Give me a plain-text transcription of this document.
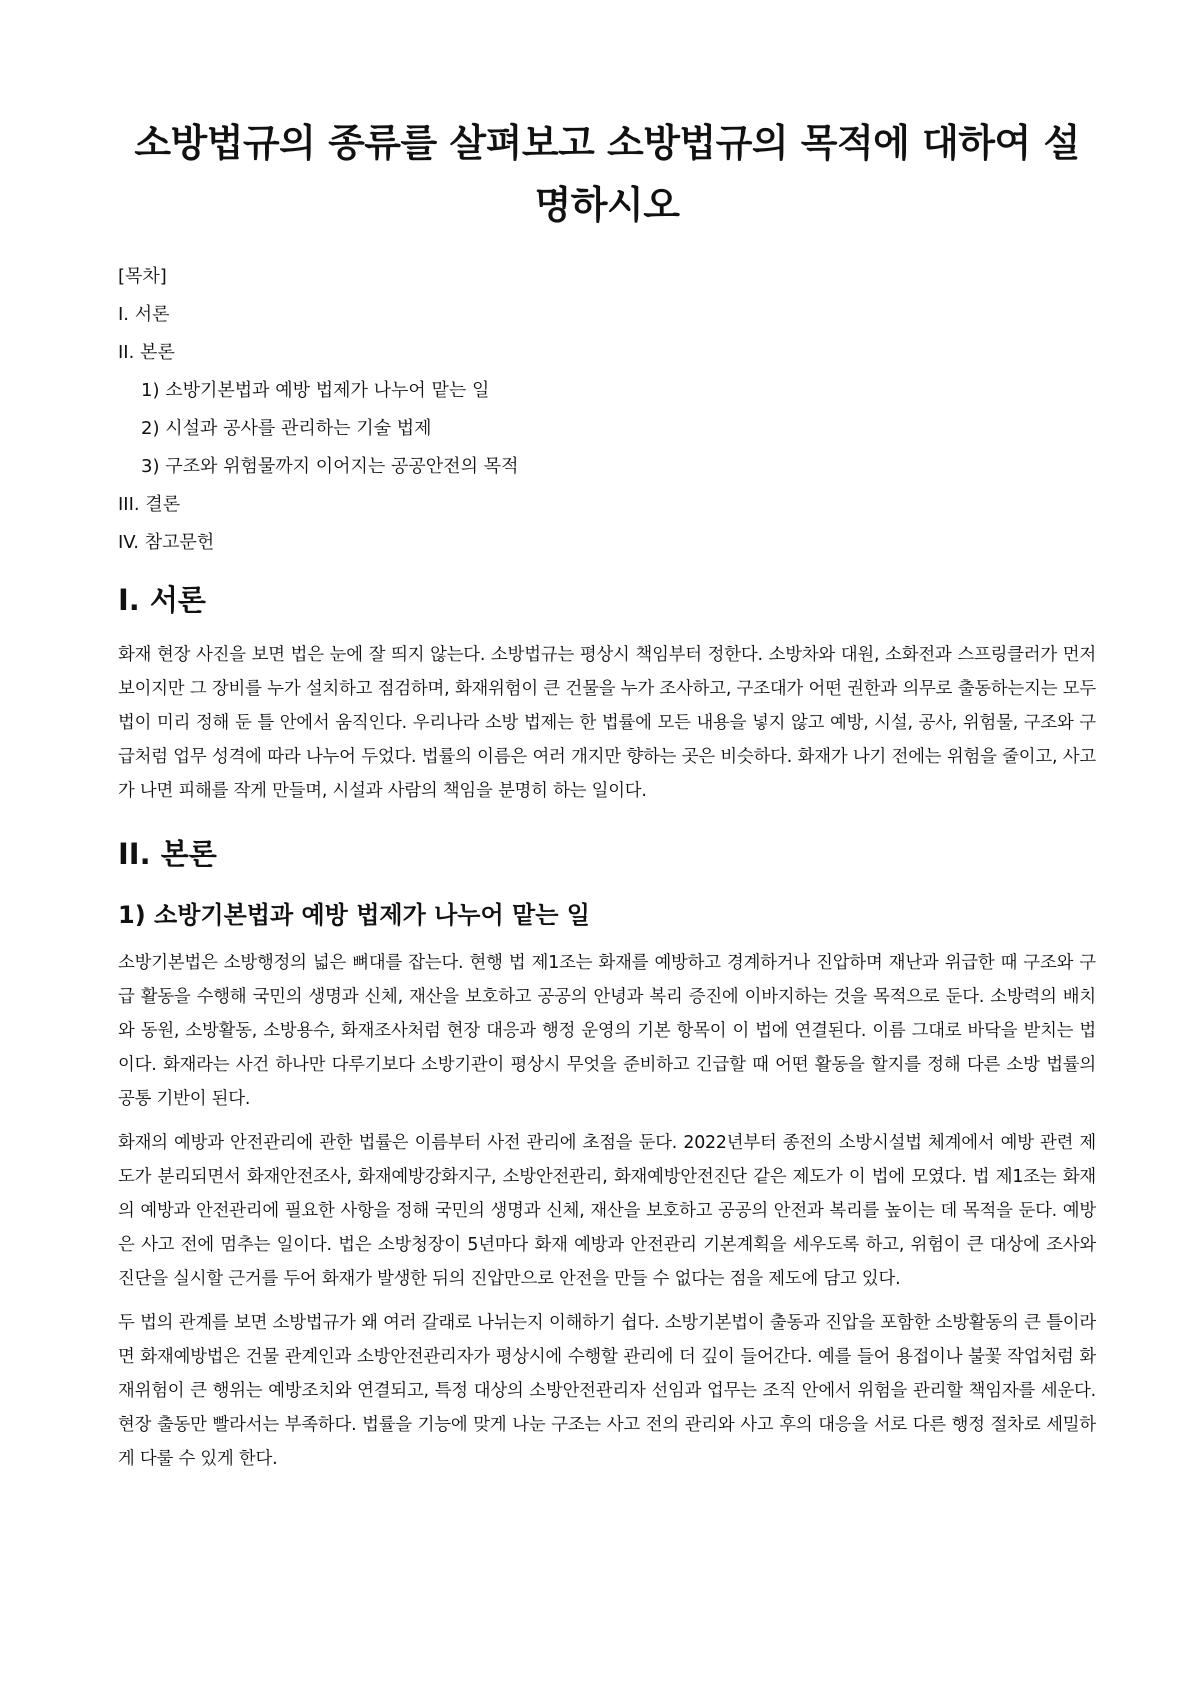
소방법규의 종류를 살펴보고 소방법규의 목적에 대하여 설명하시오
[목차]
I. 서론
II. 본론
1) 소방기본법과 예방 법제가 나누어 맡는 일
2) 시설과 공사를 관리하는 기술 법제
3) 구조와 위험물까지 이어지는 공공안전의 목적
III. 결론
IV. 참고문헌
I. 서론

화재 현장 사진을 보면 법은 눈에 잘 띄지 않는다. 소방법규는 평상시 책임부터 정한다. 소방차와 대원, 소화전과 스프링클러가 먼저 보이지만 그 장비를 누가 설치하고 점검하며, 화재위험이 큰 건물을 누가 조사하고, 구조대가 어떤 권한과 의무로 출동하는지는 모두 법이 미리 정해 둔 틀 안에서 움직인다. 우리나라 소방 법제는 한 법률에 모든 내용을 넣지 않고 예방, 시설, 공사, 위험물, 구조와 구급처럼 업무 성격에 따라 나누어 두었다. 법률의 이름은 여러 개지만 향하는 곳은 비슷하다. 화재가 나기 전에는 위험을 줄이고, 사고가 나면 피해를 작게 만들며, 시설과 사람의 책임을 분명히 하는 일이다.

II. 본론
1) 소방기본법과 예방 법제가 나누어 맡는 일

소방기본법은 소방행정의 넓은 뼈대를 잡는다. 현행 법 제1조는 화재를 예방하고 경계하거나 진압하며 재난과 위급한 때 구조와 구급 활동을 수행해 국민의 생명과 신체, 재산을 보호하고 공공의 안녕과 복리 증진에 이바지하는 것을 목적으로 둔다. 소방력의 배치와 동원, 소방활동, 소방용수, 화재조사처럼 현장 대응과 행정 운영의 기본 항목이 이 법에 연결된다. 이름 그대로 바닥을 받치는 법이다. 화재라는 사건 하나만 다루기보다 소방기관이 평상시 무엇을 준비하고 긴급할 때 어떤 활동을 할지를 정해 다른 소방 법률의 공통 기반이 된다.

화재의 예방과 안전관리에 관한 법률은 이름부터 사전 관리에 초점을 둔다. 2022년부터 종전의 소방시설법 체계에서 예방 관련 제도가 분리되면서 화재안전조사, 화재예방강화지구, 소방안전관리, 화재예방안전진단 같은 제도가 이 법에 모였다. 법 제1조는 화재의 예방과 안전관리에 필요한 사항을 정해 국민의 생명과 신체, 재산을 보호하고 공공의 안전과 복리를 높이는 데 목적을 둔다. 예방은 사고 전에 멈추는 일이다. 법은 소방청장이 5년마다 화재 예방과 안전관리 기본계획을 세우도록 하고, 위험이 큰 대상에 조사와 진단을 실시할 근거를 두어 화재가 발생한 뒤의 진압만으로 안전을 만들 수 없다는 점을 제도에 담고 있다.

두 법의 관계를 보면 소방법규가 왜 여러 갈래로 나뉘는지 이해하기 쉽다. 소방기본법이 출동과 진압을 포함한 소방활동의 큰 틀이라면 화재예방법은 건물 관계인과 소방안전관리자가 평상시에 수행할 관리에 더 깊이 들어간다. 예를 들어 용접이나 불꽃 작업처럼 화재위험이 큰 행위는 예방조치와 연결되고, 특정 대상의 소방안전관리자 선임과 업무는 조직 안에서 위험을 관리할 책임자를 세운다. 현장 출동만 빨라서는 부족하다. 법률을 기능에 맞게 나눈 구조는 사고 전의 관리와 사고 후의 대응을 서로 다른 행정 절차로 세밀하게 다룰 수 있게 한다.
